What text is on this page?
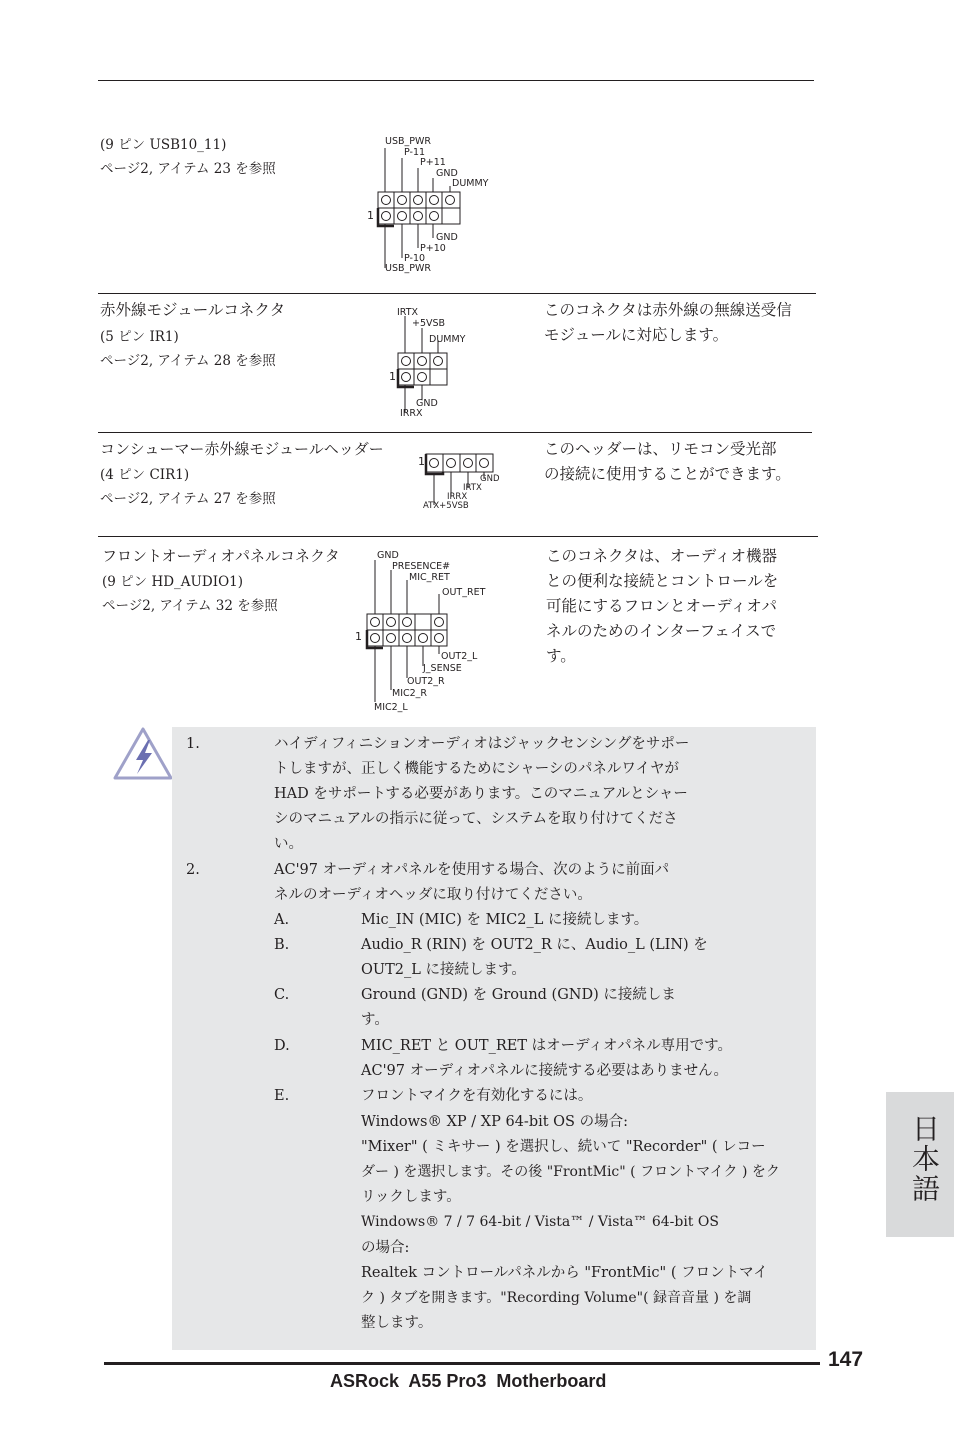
(9 ピン USB10_11)
ページ2, アイテム 23 を参照
USB_PWR
P-11
P+11
GND
DUMMY
1
GND
P+10
P-10
USB_PWR
赤外線モジュールコネクタ
(5 ピン IR1)
ページ2, アイテム 28 を参照
このコネクタは赤外線の無線送受信
モジュールに対応します。
IRTX
+5VSB
DUMMY
1
GND
IRRX
コンシューマー赤外線モジュールヘッダー
(4 ピン CIR1)
ページ2, アイテム 27 を参照
このヘッダーは、リモコン受光部
の接続に使用することができます。
1
GND
IRTX
IRRX
ATX+5VSB
フロントオーディオパネルコネクタ
(9 ピン HD_AUDIO1)
ページ2, アイテム 32 を参照
このコネクタは、オーディオ機器
との便利な接続とコントロールを
可能にするフロンとオーディオパ
ネルのためのインターフェイスで
す。
GND
PRESENCE#
MIC_RET
OUT_RET
1
OUT2_L
J_SENSE
OUT2_R
MIC2_R
MIC2_L
1.	ハイディフィニションオーディオはジャックセンシングをサポー
トしますが、正しく機能するためにシャーシのパネルワイヤが
HAD をサポートする必要があります。このマニュアルとシャー
シのマニュアルの指示に従って、システムを取り付けてくださ
い。
2.	AC'97 オーディオパネルを使用する場合、次のように前面パ
ネルのオーディオヘッダに取り付けてください。
A.	Mic_IN (MIC) を MIC2_L に接続します。
B.	Audio_R (RIN) を OUT2_R に、Audio_L (LIN) を
OUT2_L に接続します。
C.	Ground (GND) を Ground (GND) に接続しま
す。
D.	MIC_RET と OUT_RET はオーディオパネル専用です。
AC'97 オーディオパネルに接続する必要はありません。
E.	フロントマイクを有効化するには。
Windows® XP / XP 64-bit OS の場合:
"Mixer" ( ミキサー ) を選択し、続いて "Recorder" ( レコー
ダー ) を選択します。その後 "FrontMic" ( フロントマイク ) をク
リックします。
Windows® 7 / 7 64-bit / Vista™ / Vista™ 64-bit OS
の場合:
Realtek コントロールパネルから "FrontMic" ( フロントマイ
ク ) タブを開きます。"Recording Volume"( 録音音量 ) を調
整します。
日本語
147
ASRock  A55 Pro3  Motherboard
